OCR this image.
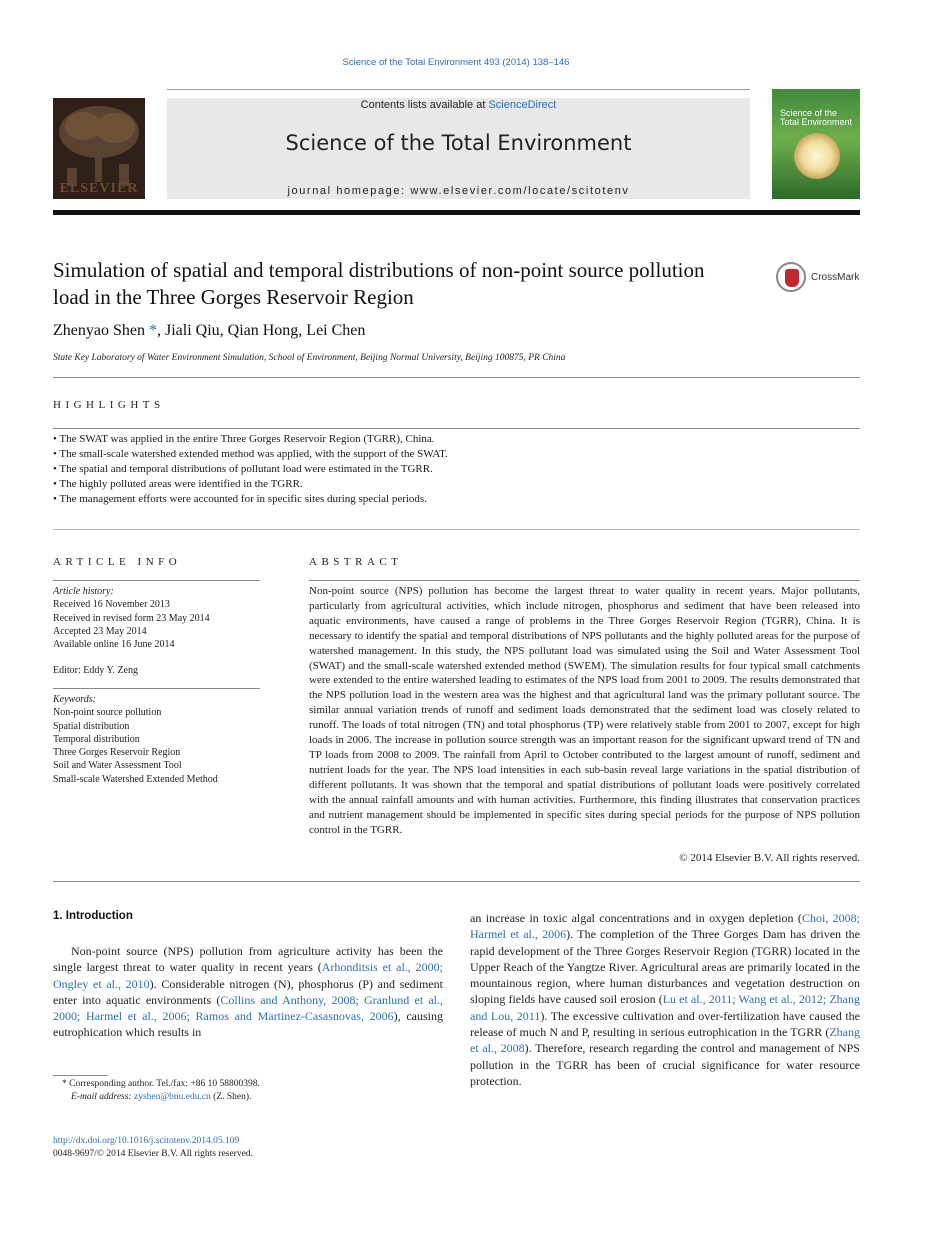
Science of the Total Environment 493 (2014) 138–146
ELSEVIER
Contents lists available at ScienceDirect
Science of the Total Environment
journal homepage: www.elsevier.com/locate/scitotenv
Science of the Total Environment
Simulation of spatial and temporal distributions of non-point source pollution load in the Three Gorges Reservoir Region
CrossMark
Zhenyao Shen *, Jiali Qiu, Qian Hong, Lei Chen
State Key Laboratory of Water Environment Simulation, School of Environment, Beijing Normal University, Beijing 100875, PR China
HIGHLIGHTS
• The SWAT was applied in the entire Three Gorges Reservoir Region (TGRR), China.
• The small-scale watershed extended method was applied, with the support of the SWAT.
• The spatial and temporal distributions of pollutant load were estimated in the TGRR.
• The highly polluted areas were identified in the TGRR.
• The management efforts were accounted for in specific sites during special periods.
ARTICLE INFO
Article history:
Received 16 November 2013
Received in revised form 23 May 2014
Accepted 23 May 2014
Available online 16 June 2014
Editor: Eddy Y. Zeng
Keywords:
Non-point source pollution
Spatial distribution
Temporal distribution
Three Gorges Reservoir Region
Soil and Water Assessment Tool
Small-scale Watershed Extended Method
ABSTRACT
Non-point source (NPS) pollution has become the largest threat to water quality in recent years. Major pollutants, particularly from agricultural activities, which include nitrogen, phosphorus and sediment that have been released into aquatic environments, have caused a range of problems in the Three Gorges Reservoir Region (TGRR), China. It is necessary to identify the spatial and temporal distributions of NPS pollutants and the highly polluted areas for the purpose of watershed management. In this study, the NPS pollutant load was simulated using the Soil and Water Assessment Tool (SWAT) and the small-scale watershed extended method (SWEM). The simulation results for four typical small catchments were extended to the entire watershed leading to estimates of the NPS load from 2001 to 2009. The results demonstrated that the NPS pollution load in the western area was the highest and that agricultural land was the primary pollutant source. The similar annual variation trends of runoff and sediment loads demonstrated that the sediment load was closely related to runoff. The loads of total nitrogen (TN) and total phosphorus (TP) were relatively stable from 2001 to 2007, except for high loads in 2006. The increase in pollution source strength was an important reason for the significant upward trend of TN and TP loads from 2008 to 2009. The rainfall from April to October contributed to the largest amount of runoff, sediment and nutrient loads for the year. The NPS load intensities in each sub-basin reveal large variations in the spatial distribution of different pollutants. It was shown that the temporal and spatial distributions of pollutant loads were positively correlated with the annual rainfall amounts and with human activities. Furthermore, this finding illustrates that conservation practices and nutrient management should be implemented in specific sites during special periods for the purpose of NPS pollution control in the TGRR.
© 2014 Elsevier B.V. All rights reserved.
1. Introduction
Non-point source (NPS) pollution from agriculture activity has been the single largest threat to water quality in recent years (Arhonditsis et al., 2000; Ongley et al., 2010). Considerable nitrogen (N), phosphorus (P) and sediment enter into aquatic environments (Collins and Anthony, 2008; Granlund et al., 2000; Harmel et al., 2006; Ramos and Martinez-Casasnovas, 2006), causing eutrophication which results in
an increase in toxic algal concentrations and in oxygen depletion (Choi, 2008; Harmel et al., 2006). The completion of the Three Gorges Dam has driven the rapid development of the Three Gorges Reservoir Region (TGRR) located in the Upper Reach of the Yangtze River. Agricultural areas are primarily located in the mountainous region, where human disturbances and vegetation destruction on sloping fields have caused soil erosion (Lu et al., 2011; Wang et al., 2012; Zhang and Lou, 2011). The excessive cultivation and over-fertilization have caused the release of much N and P, resulting in serious eutrophication in the TGRR (Zhang et al., 2008). Therefore, research regarding the control and management of NPS pollution in the TGRR has been of crucial significance for water resource protection.
* Corresponding author. Tel./fax: +86 10 58800398.
E-mail address: zyshen@bnu.edu.cn (Z. Shen).
http://dx.doi.org/10.1016/j.scitotenv.2014.05.109
0048-9697/© 2014 Elsevier B.V. All rights reserved.
